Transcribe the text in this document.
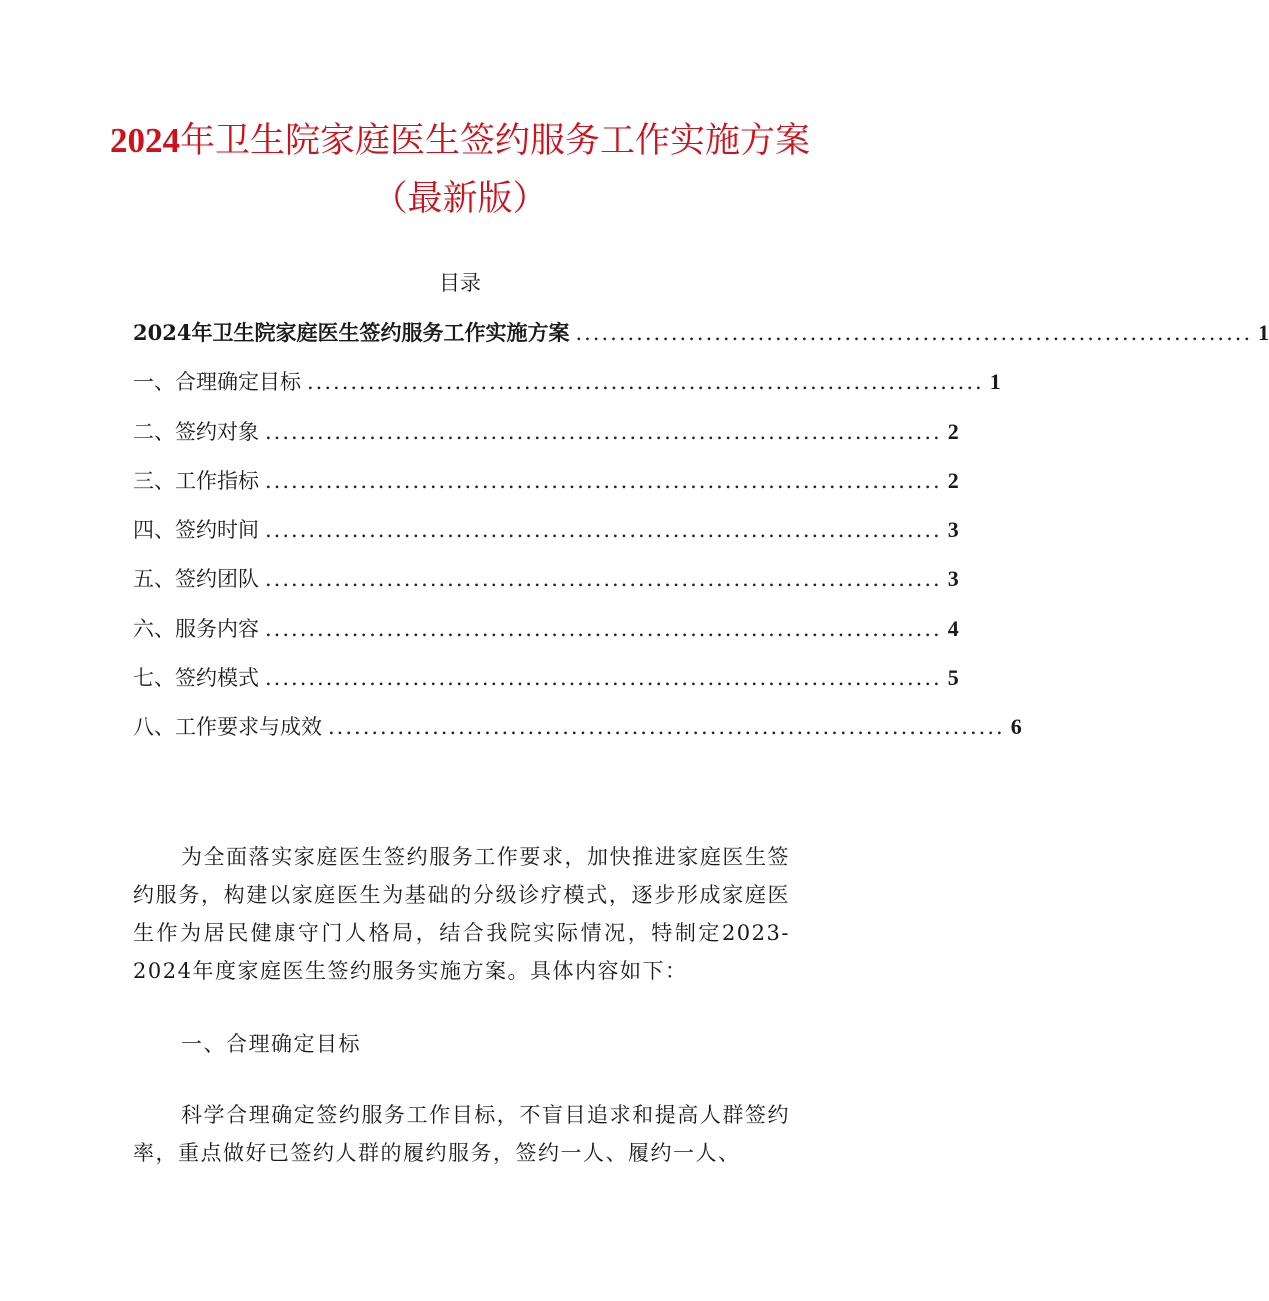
2024年卫生院家庭医生签约服务工作实施方案（最新版）
目录
2024年卫生院家庭医生签约服务工作实施方案 .............................................................................. 1
一、合理确定目标 .............................................................................. 1
二、签约对象 .............................................................................. 2
三、工作指标 .............................................................................. 2
四、签约时间 .............................................................................. 3
五、签约团队 .............................................................................. 3
六、服务内容 .............................................................................. 4
七、签约模式 .............................................................................. 5
八、工作要求与成效 .............................................................................. 6

为全面落实家庭医生签约服务工作要求，加快推进家庭医生签约服务，构建以家庭医生为基础的分级诊疗模式，逐步形成家庭医生作为居民健康守门人格局，结合我院实际情况，特制定2023-2024年度家庭医生签约服务实施方案。具体内容如下：

一、合理确定目标

科学合理确定签约服务工作目标，不盲目追求和提高人群签约率，重点做好已签约人群的履约服务，签约一人、履约一人、
